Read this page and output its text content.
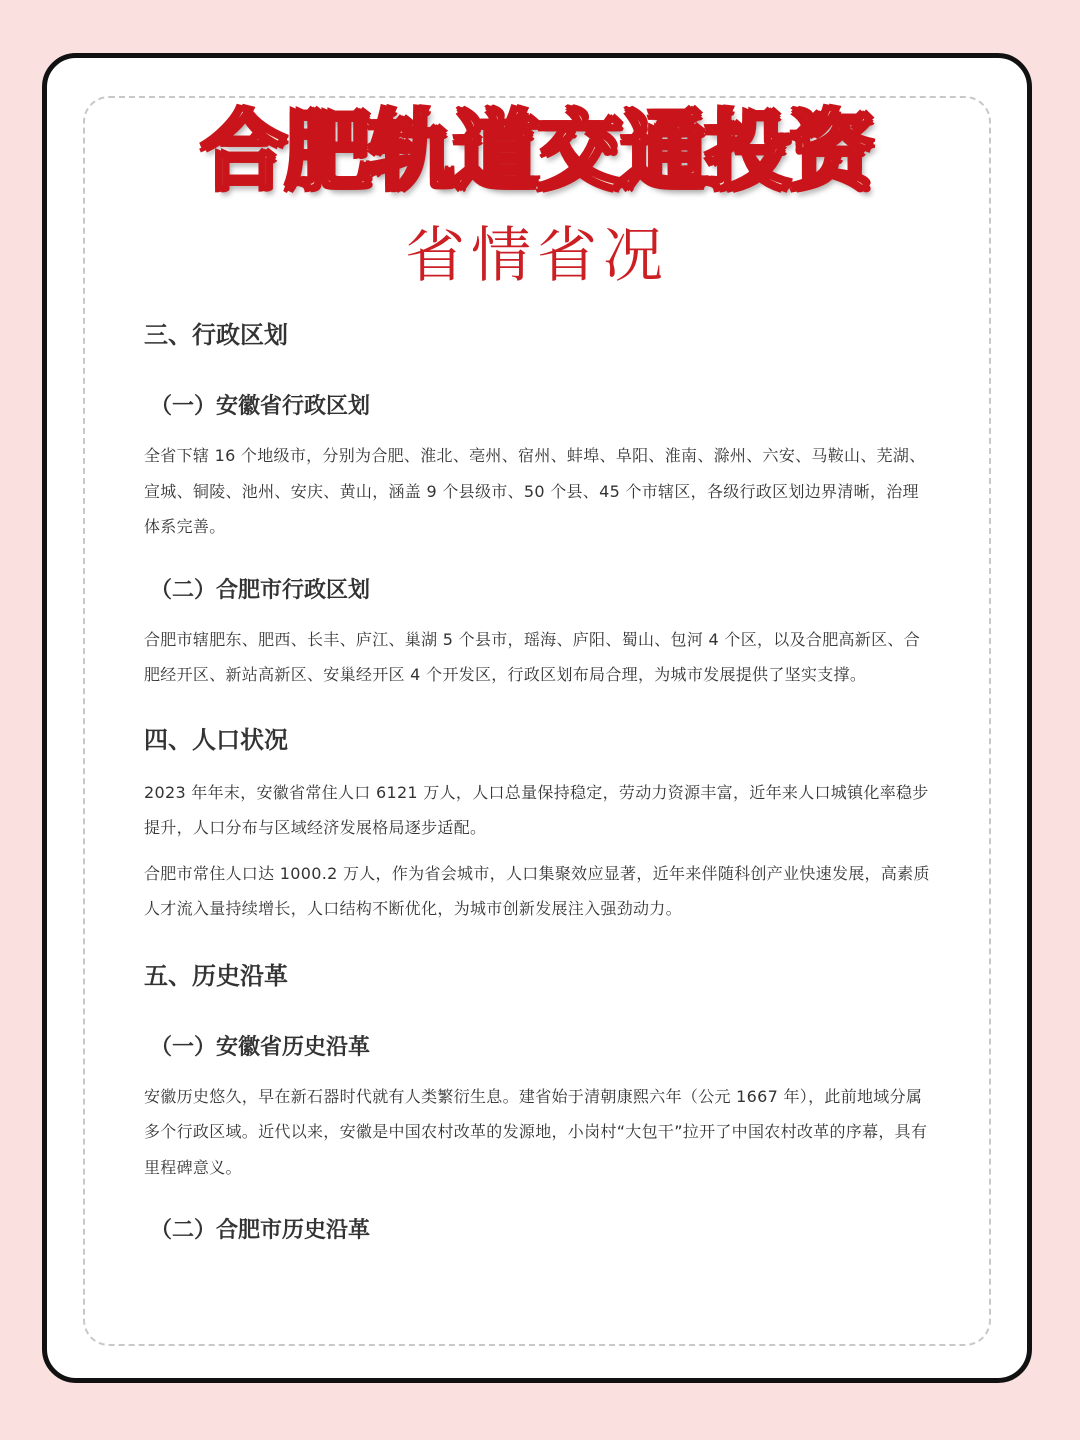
合肥轨道交通投资
省情省况

三、行政区划

（一）安徽省行政区划

全省下辖 16 个地级市，分别为合肥、淮北、亳州、宿州、蚌埠、阜阳、淮南、滁州、六安、马鞍山、芜湖、宣城、铜陵、池州、安庆、黄山，涵盖 9 个县级市、50 个县、45 个市辖区，各级行政区划边界清晰，治理体系完善。

（二）合肥市行政区划

合肥市辖肥东、肥西、长丰、庐江、巢湖 5 个县市，瑶海、庐阳、蜀山、包河 4 个区，以及合肥高新区、合肥经开区、新站高新区、安巢经开区 4 个开发区，行政区划布局合理，为城市发展提供了坚实支撑。

四、人口状况

2023 年年末，安徽省常住人口 6121 万人，人口总量保持稳定，劳动力资源丰富，近年来人口城镇化率稳步提升，人口分布与区域经济发展格局逐步适配。

合肥市常住人口达 1000.2 万人，作为省会城市，人口集聚效应显著，近年来伴随科创产业快速发展，高素质人才流入量持续增长，人口结构不断优化，为城市创新发展注入强劲动力。

五、历史沿革

（一）安徽省历史沿革

安徽历史悠久，早在新石器时代就有人类繁衍生息。建省始于清朝康熙六年（公元 1667 年），此前地域分属多个行政区域。近代以来，安徽是中国农村改革的发源地，小岗村“大包干”拉开了中国农村改革的序幕，具有里程碑意义。

（二）合肥市历史沿革
